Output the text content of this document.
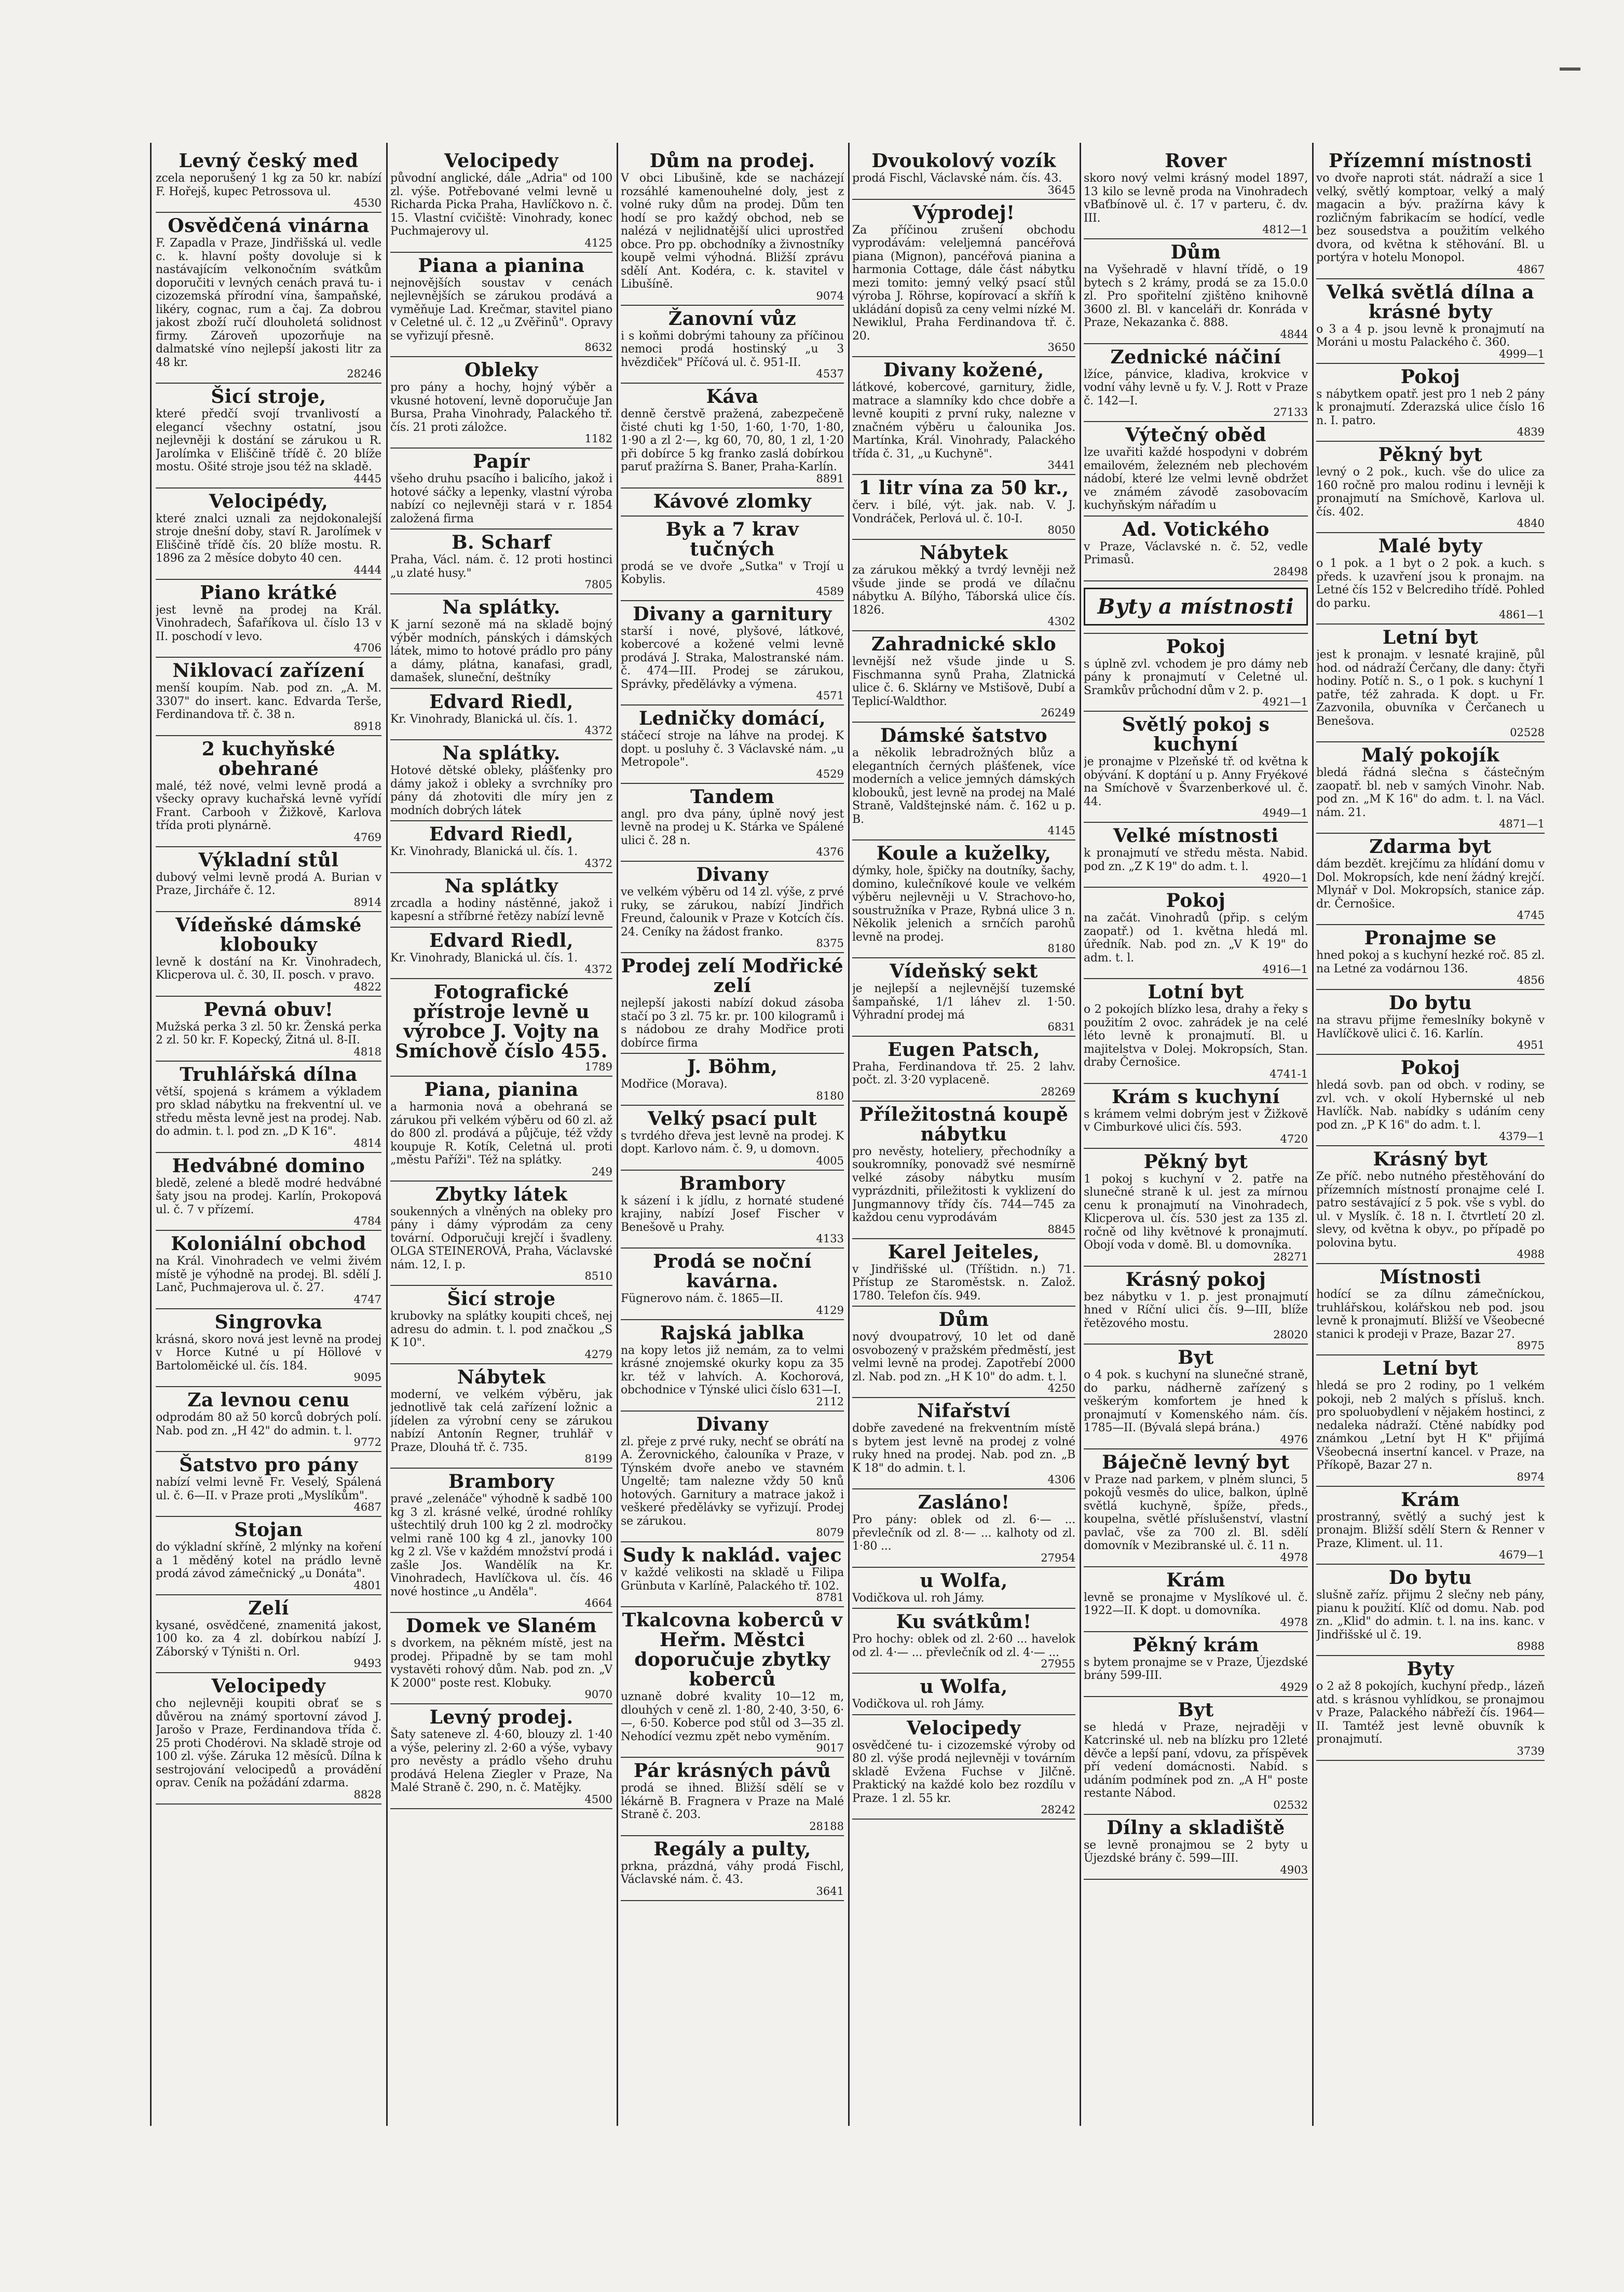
Levný český med
zcela neporušený 1 kg za 50 kr. nabízí F. Hořejš, kupec Petrossova ul.
4530
Osvědčená vinárna
F. Zapadla v Praze, Jindřišská ul. vedle c. k. hlavní pošty dovoluje si k nastávajícím velkonočním svátkům doporučiti v levných cenách pravá tu- i cizozemská přírodní vína, šampaňské, likéry, cognac, rum a čaj. Za dobrou jakost zboží ručí dlouholetá solidnost firmy. Zároveň upozorňuje na dalmatské víno nejlepší jakosti litr za 48 kr.
28246
Šicí stroje,
které předčí svojí trvanlivostí a elegancí všechny ostatní, jsou nejlevněji k dostání se zárukou u R. Jarolímka v Eliščině třídě č. 20 blíže mostu. Ošité stroje jsou též na skladě.
4445
Velocipédy,
které znalci uznali za nejdokonalejší stroje dnešní doby, staví R. Jarolímek v Eliščině třídě čís. 20 blíže mostu. R. 1896 za 2 měsíce dobyto 40 cen.
4444
Piano krátké
jest levně na prodej na Král. Vinohradech, Šafaříkova ul. číslo 13 v II. poschodí v levo.
4706
Niklovací zařízení
menší koupím. Nab. pod zn. „A. M. 3307" do insert. kanc. Edvarda Terše, Ferdinandova tř. č. 38 n.
8918
2 kuchyňské obehrané
malé, též nové, velmi levně prodá a všecky opravy kuchařská levně vyřídí Frant. Carbooh v Žižkově, Karlova třída proti plynárně.
4769
Výkladní stůl
dubový velmi levně prodá A. Burian v Praze, Jircháře č. 12.
8914
Vídeňské dámské klobouky
levně k dostání na Kr. Vinohradech, Klicperova ul. č. 30, II. posch. v pravo.
4822
Pevná obuv!
Mužská perka 3 zl. 50 kr. Ženská perka 2 zl. 50 kr. F. Kopecký, Žitná ul. 8-II.
4818
Truhlářská dílna
větší, spojená s krámem a výkladem pro sklad nábytku na frekventní ul. ve středu města levně jest na prodej. Nab. do admin. t. l. pod zn. „D K 16".
4814
Hedvábné domino
bledě, zelené a bledě modré hedvábné šaty jsou na prodej. Karlín, Prokopová ul. č. 7 v přízemí.
4784
Koloniální obchod
na Král. Vinohradech ve velmi živém místě je výhodně na prodej. Bl. sdělí J. Lanč, Puchmajerova ul. č. 27.
4747
Singrovka
krásná, skoro nová jest levně na prodej v Horce Kutné u pí Höllové v Bartoloměické ul. čís. 184.
9095
Za levnou cenu
odprodám 80 až 50 korců dobrých polí. Nab. pod zn. „H 42" do admin. t. l.
9772
Šatstvo pro pány
nabízí velmi levně Fr. Veselý, Spálená ul. č. 6—II. v Praze proti „Myslíkům".
4687
Stojan
do výkladní skříně, 2 mlýnky na koření a 1 měděný kotel na prádlo levně prodá závod zámečnický „u Donáta".
4801
Zelí
kysané, osvědčené, znamenitá jakost, 100 ko. za 4 zl. dobírkou nabízí J. Záborský v Týništi n. Orl.
9493
Velocipedy
cho nejlevněji koupiti obrať se s důvěrou na známý sportovní závod J. Jarošo v Praze, Ferdinandova třída č. 25 proti Chodérovi. Na skladě stroje od 100 zl. výše. Záruka 12 měsíců. Dílna k sestrojování velocipedů a provádění oprav. Ceník na požádání zdarma.
8828
Velocipedy
původní anglické, dále „Adria" od 100 zl. výše. Potřebované velmi levně u Richarda Picka Praha, Havlíčkovo n. č. 15. Vlastní cvičiště: Vinohrady, konec Puchmajerovy ul.
4125
Piana a pianina
nejnovějších soustav v cenách nejlevnějších se zárukou prodává a vyměňuje Lad. Krečmar, stavitel piano v Celetné ul. č. 12 „u Zvěřinů". Opravy se vyřizují přesně.
8632
Obleky
pro pány a hochy, hojný výběr a vkusné hotovení, levně doporučuje Jan Bursa, Praha Vinohrady, Palackého tř. čís. 21 proti záložce.
1182
Papír
všeho druhu psacího i balicího, jakož i hotové sáčky a lepenky, vlastní výroba nabízí co nejlevněji stará v r. 1854 založená firma
B. Scharf
Praha, Václ. nám. č. 12 proti hostinci „u zlaté husy."
7805
Na splátky.
K jarní sezoně má na skladě bojný výběr modních, pánských i dámských látek, mimo to hotové prádlo pro pány a dámy, plátna, kanafasi, gradl, damašek, sluneční, deštníky
Edvard Riedl,
Kr. Vinohrady, Blanická ul. čís. 1.
4372
Na splátky.
Hotové dětské obleky, plášťenky pro dámy jakož i obleky a svrchníky pro pány dá zhotoviti dle míry jen z modních dobrých látek
Edvard Riedl,
Kr. Vinohrady, Blanická ul. čís. 1.
4372
Na splátky
zrcadla a hodiny nástěnné, jakož i kapesní a stříbrné řetězy nabízí levně
Edvard Riedl,
Kr. Vinohrady, Blanická ul. čís. 1.
4372
Fotografické přístroje levně u výrobce J. Vojty na Smíchově číslo 455.
1789
Piana, pianina
a harmonia nová a obehraná se zárukou při velkém výběru od 60 zl. až do 800 zl. prodává a půjčuje, též vždy koupuje R. Kotík, Celetná ul. proti „městu Paříži". Též na splátky.
249
Zbytky látek
soukenných a vlněných na obleky pro pány i dámy výprodám za ceny tovární. Odporučuji krejčí i švadleny. OLGA STEINEROVÁ, Praha, Václavské nám. 12, I. p.
8510
Šicí stroje
krubovky na splátky koupiti chceš, nej adresu do admin. t. l. pod značkou „S K 10".
4279
Nábytek
moderní, ve velkém výběru, jak jednotlivě tak celá zařízení ložnic a jídelen za výrobní ceny se zárukou nabízí Antonín Regner, truhlář v Praze, Dlouhá tř. č. 735.
8199
Brambory
pravé „zelenáče" výhodně k sadbě 100 kg 3 zl. krásné velké, úrodné rohlíky uštechtilý druh 100 kg 2 zl. modročky velmi raně 100 kg 4 zl., janovky 100 kg 2 zl. Vše v každém množství prodá i zašle Jos. Wandělík na Kr. Vinohradech, Havlíčkova ul. čís. 46 nové hostince „u Anděla".
4664
Domek ve Slaném
s dvorkem, na pěkném místě, jest na prodej. Připadně by se tam mohl vystavěti rohový dům. Nab. pod zn. „V K 2000" poste rest. Klobuky.
9070
Levný prodej.
Šaty sateneve zl. 4·60, blouzy zl. 1·40 a výše, peleriny zl. 2·60 a výše, vybavy pro nevěsty a prádlo všeho druhu prodává Helena Ziegler v Praze, Na Malé Straně č. 290, n. č. Matějky.
4500
Dům na prodej.
V obci Libušině, kde se nacházejí rozsáhlé kamenouhelné doly, jest z volné ruky dům na prodej. Dům ten hodí se pro každý obchod, neb se nalézá v nejlidnatější ulici uprostřed obce. Pro pp. obchodníky a živnostníky koupě velmi výhodná. Bližší zprávu sdělí Ant. Kodéra, c. k. stavitel v Libušíně.
9074
Žanovní vůz
i s koňmi dobrými tahouny za příčinou nemoci prodá hostinský „u 3 hvězdiček" Příčová ul. č. 951-II.
4537
Káva
denně čerstvě pražená, zabezpečeně čisté chuti kg 1·50, 1·60, 1·70, 1·80, 1·90 a zl 2·—, kg 60, 70, 80, 1 zl, 1·20 při dobírce 5 kg franko zaslá dobírkou paruť pražírna S. Baner, Praha-Karlín.
8891
Kávové zlomky
Byk a 7 krav tučných
prodá se ve dvoře „Sutka" v Trojí u Kobylis.
4589
Divany a garnitury
starší i nové, plyšové, látkové, kobercové a kožené velmi levně prodává J. Straka, Malostranské nám. č. 474—III. Prodej se zárukou, Správky, předělávky a výmena.
4571
Ledničky domácí,
stáčecí stroje na láhve na prodej. K dopt. u posluhy č. 3 Václavské nám. „u Metropole".
4529
Tandem
angl. pro dva pány, úplně nový jest levně na prodej u K. Stárka ve Spálené ulici č. 28 n.
4376
Divany
ve velkém výběru od 14 zl. výše, z prvé ruky, se zárukou, nabízí Jindřich Freund, čalounik v Praze v Kotcích čís. 24. Ceníky na žádost franko.
8375
Prodej zelí Modřické zelí
nejlepší jakosti nabízí dokud zásoba stačí po 3 zl. 75 kr. pr. 100 kilogramů i s nádobou ze drahy Modřice proti dobírce firma
J. Böhm,
Modřice (Morava).
8180
Velký psací pult
s tvrdého dřeva jest levně na prodej. K dopt. Karlovo nám. č. 9, u domovn.
4005
Brambory
k sázení i k jídlu, z hornaté studené krajiny, nabízí Josef Fischer v Benešově u Prahy.
4133
Prodá se noční kavárna.
Fügnerovo nám. č. 1865—II.
4129
Rajská jablka
na kopy letos již nemám, za to velmi krásné znojemské okurky kopu za 35 kr. též v lahvích. A. Kochorová, obchodnice v Týnské ulici číslo 631—I.
2112
Divany
zl. přeje z prvé ruky, nechť se obrátí na A. Žerovnického, čalouníka v Praze, v Týnském dvoře anebo ve stavném Ungeltě; tam nalezne vždy 50 knů hotových. Garnitury a matrace jakož i veškeré předělávky se vyřizují. Prodej se zárukou.
8079
Sudy k naklád. vajec
v každé velikosti na skladě u Filipa Grünbuta v Karlíně, Palackého tř. 102.
8781
Tkalcovna koberců v Heřm. Městci doporučuje zbytky koberců
uznaně dobré kvality 10—12 m, dlouhých v ceně zl. 1·80, 2·40, 3·50, 6·—, 6·50. Koberce pod stůl od 3—35 zl. Nehodící vezmu zpět nebo vyměním.
9017
Pár krásných pávů
prodá se ihned. Bližší sdělí se v lékárně B. Fragnera v Praze na Malé Straně č. 203.
28188
Regály a pulty,
prkna, prázdná, váhy prodá Fischl, Václavské nám. č. 43.
3641
Dvoukolový vozík
prodá Fischl, Václavské nám. čís. 43.
3645
Výprodej!
Za příčinou zrušení obchodu vyprodávám: veleljemná pancéřová piana (Mignon), pancéřová pianina a harmonia Cottage, dále část nábytku mezi tomito: jemný velký psací stůl výroba J. Röhrse, kopírovací a skříň k ukládání dopisů za ceny velmi nízké M. Newiklul, Praha Ferdinandova tř. č. 20.
3650
Divany kožené,
látkové, kobercové, garnitury, židle, matrace a slamníky kdo chce dobře a levně koupiti z první ruky, nalezne v značném výběru u čalounika Jos. Martínka, Král. Vinohrady, Palackého třída č. 31, „u Kuchyně".
3441
1 litr vína za 50 kr.,
červ. i bílé, výt. jak. nab. V. J. Vondráček, Perlová ul. č. 10-I.
8050
Nábytek
za zárukou měkký a tvrdý levněji než všude jinde se prodá ve dílačnu nábytku A. Bílýho, Táborská ulice čís. 1826.
4302
Zahradnické sklo
levnější než všude jinde u S. Fischmanna synů Praha, Zlatnická ulice č. 6. Sklárny ve Mstišově, Dubí a Teplicí-Waldthor.
26249
Dámské šatstvo
a několik lebradrožných blůz a elegantních černých plášťenek, více moderních a velice jemných dámských klobouků, jest levně na prodej na Malé Straně, Valdštejnské nám. č. 162 u p. B.
4145
Koule a kuželky,
dýmky, hole, špičky na doutníky, šachy, domino, kulečníkové koule ve velkém výběru nejlevněji u V. Strachovo-ho, soustružníka v Praze, Rybná ulice 3 n. Několik jelenich a srnčích parohů levně na prodej.
8180
Vídeňský sekt
je nejlepší a nejlevnější tuzemské šampaňské, 1/1 láhev zl. 1·50. Výhradní prodej má
6831
Eugen Patsch,
Praha, Ferdinandova tř. 25. 2 lahv. počt. zl. 3·20 vyplaceně.
28269
Příležitostná koupě nábytku
pro nevěsty, hoteliery, přechodníky a soukromníky, ponovadž své nesmírně velké zásoby nábytku musím vyprázdniti, přiležitosti k vyklizení do Jungmannovy třídy čís. 744—745 za každou cenu vyprodávám
8845
Karel Jeiteles,
v Jindřišské ul. (Tříštidn. n.) 71. Přístup ze Staroměstsk. n. Založ. 1780. Telefon čís. 949.
Dům
nový dvoupatrový, 10 let od daně osvobozený v pražském předměstí, jest velmi levně na prodej. Zapotřebí 2000 zl. Nab. pod zn. „H K 10" do adm. t. l.
4250
Nifařství
dobře zavedené na frekventním místě s bytem jest levně na prodej z volné ruky hned na prodej. Nab. pod zn. „B K 18" do admin. t. l.
4306
Zasláno!
Pro pány: oblek od zl. 6·— ... převlečník od zl. 8·— ... kalhoty od zl. 1·80 ...
27954
u Wolfa,
Vodičkova ul. roh Jámy.
Ku svátkům!
Pro hochy: oblek od zl. 2·60 ... havelok od zl. 4·— ... převlečník od zl. 4·— ...
27955
u Wolfa,
Vodičkova ul. roh Jámy.
Velocipedy
osvědčené tu- i cizozemské výroby od 80 zl. výše prodá nejlevněji v továrním skladě Evžena Fuchse v Jilčně. Praktický na každé kolo bez rozdílu v Praze. 1 zl. 55 kr.
28242
Rover
skoro nový velmi krásný model 1897, 13 kilo se levně proda na Vinohradech vBaťbínově ul. č. 17 v parteru, č. dv. III.
4812—1
Dům
na Vyšehradě v hlavní třídě, o 19 bytech s 2 krámy, prodá se za 15.0.0 zl. Pro spořitelní zjištěno knihovně 3600 zl. Bl. v kanceláři dr. Konráda v Praze, Nekazanka č. 888.
4844
Zednické náčiní
lžíce, pánvice, kladiva, krokvice v vodní váhy levně u fy. V. J. Rott v Praze č. 142—I.
27133
Výtečný oběd
lze uvařiti každé hospodyni v dobrém emailovém, železném neb plechovém nádobí, které lze velmi levně obdržet ve známém závodě zasobovacím kuchyňským nářadím u
Ad. Votického
v Praze, Václavské n. č. 52, vedle Primasů.
28498
Byty a místnosti
Pokoj
s úplně zvl. vchodem je pro dámy neb pány k pronajmutí v Celetné ul. Sramkův průchodní dům v 2. p.
4921—1
Světlý pokoj s kuchyní
je pronajme v Plzeňské tř. od května k obývání. K doptání u p. Anny Fryékové na Smíchově v Švarzenberkové ul. č. 44.
4949—1
Velké místnosti
k pronajmutí ve středu města. Nabid. pod zn. „Z K 19" do adm. t. l.
4920—1
Pokoj
na začát. Vinohradů (přip. s celým zaopatř.) od 1. května hledá ml. úředník. Nab. pod zn. „V K 19" do adm. t. l.
4916—1
Lotní byt
o 2 pokojích blízko lesa, drahy a řeky s použitím 2 ovoc. zahrádek je na celé léto levně k pronajmutí. Bl. u majitelstva v Dolej. Mokropsích, Stan. draby Černošice.
4741-1
Krám s kuchyní
s krámem velmi dobrým jest v Žižkově v Cimburkové ulici čís. 593.
4720
Pěkný byt
1 pokoj s kuchyní v 2. patře na slunečné straně k ul. jest za mírnou cenu k pronajmutí na Vinohradech, Klicperova ul. čís. 530 jest za 135 zl. ročně od lihy květnové k pronajmutí. Obojí voda v domě. Bl. u domovníka.
28271
Krásný pokoj
bez nábytku v 1. p. jest pronajmutí hned v Ríční ulici čís. 9—III, blíže řetězového mostu.
28020
Byt
o 4 pok. s kuchyní na slunečné straně, do parku, nádherně zařízený s veškerým komfortem je hned k pronajmutí v Komenského nám. čís. 1785—II. (Bývalá slepá brána.)
4976
Báječně levný byt
v Praze nad parkem, v plném slunci, 5 pokojů vesměs do ulice, balkon, úplně světlá kuchyně, špíže, předs., koupelna, světlé příslušenství, vlastní pavlač, vše za 700 zl. Bl. sdělí domovník v Mezibranské ul. č. 11 n.
4978
Krám
levně se pronajme v Myslíkové ul. č. 1922—II. K dopt. u domovníka.
4978
Pěkný krám
s bytem pronajme se v Praze, Újezdské brány 599-III.
4929
Byt
se hledá v Praze, nejraději v Katcrinské ul. neb na blízku pro 12leté děvče a lepší paní, vdovu, za příspěvek pří vedení domácnosti. Nabíd. s udáním podmínek pod zn. „A H" poste restante Nábod.
02532
Dílny a skladiště
se levně pronajmou se 2 byty u Újezdské brány č. 599—III.
4903
Přízemní místnosti
vo dvoře naproti stát. nádraží a sice 1 velký, světlý komptoar, velký a malý magacin a býv. pražírna kávy k rozličným fabrikacím se hodící, vedle bez sousedstva a použitím velkého dvora, od května k stěhování. Bl. u portýra v hotelu Monopol.
4867
Velká světlá dílna a krásné byty
o 3 a 4 p. jsou levně k pronajmutí na Moráni u mostu Palackého č. 360.
4999—1
Pokoj
s nábytkem opatř. jest pro 1 neb 2 pány k pronajmutí. Zderazská ulice číslo 16 n. I. patro.
4839
Pěkný byt
levný o 2 pok., kuch. vše do ulice za 160 ročně pro malou rodinu i levněji k pronajmutí na Smíchově, Karlova ul. čís. 402.
4840
Malé byty
o 1 pok. a 1 byt o 2 pok. a kuch. s předs. k uzavření jsou k pronajm. na Letné čís 152 v Belcrediho třídě. Pohled do parku.
4861—1
Letní byt
jest k pronajm. v lesnaté krajině, půl hod. od nádraží Čerčany, dle dany: čtyři hodiny. Potíč n. S., o 1 pok. s kuchyní 1 patře, též zahrada. K dopt. u Fr. Zazvonila, obuvníka v Čerčanech u Benešova.
02528
Malý pokojík
bledá řádná slečna s částečným zaopatř. bl. neb v samých Vinohr. Nab. pod zn. „M K 16" do adm. t. l. na Václ. nám. 21.
4871—1
Zdarma byt
dám bezdět. krejčímu za hlídání domu v Dol. Mokropsích, kde není žádný krejčí. Mlynář v Dol. Mokropsích, stanice záp. dr. Černošice.
4745
Pronajme se
hned pokoj a s kuchyní hezké roč. 85 zl. na Letné za vodárnou 136.
4856
Do bytu
na stravu přijme řemeslníky bokyně v Havlíčkově ulici č. 16. Karlín.
4951
Pokoj
hledá sovb. pan od obch. v rodiny, se zvl. vch. v okolí Hybernské ul neb Havlíčk. Nab. nabídky s udáním ceny pod zn. „P K 16" do adm. t. l.
4379—1
Krásný byt
Ze příč. nebo nutného přestěhování do přízemních místností pronajme celé I. patro sestávající z 5 pok. vše s vybl. do ul. v Myslík. č. 18 n. I. čtvrtletí 20 zl. slevy, od května k obyv., po případě po polovina bytu.
4988
Místnosti
hodící se za dílnu zámečníckou, truhlářskou, kolářskou neb pod. jsou levně k pronajmutí. Bližší ve Všeobecné stanici k prodeji v Praze, Bazar 27.
8975
Letní byt
hledá se pro 2 rodiny, po 1 velkém pokoji, neb 2 malých s přísluš. knch. pro spoluobydlení v nějakém hostinci, z nedaleka nádraží. Ctěné nabídky pod známkou „Letní byt H K" přijímá Všeobecná insertní kancel. v Praze, na Příkopě, Bazar 27 n.
8974
Krám
prostranný, světlý a suchý jest k pronajm. Bližší sdělí Stern & Renner v Praze, Kliment. ul. 11.
4679—1
Do bytu
slušně zaříz. přijmu 2 slečny neb pány, pianu k použití. Klíč od domu. Nab. pod zn. „Klid" do admin. t. l. na ins. kanc. v Jindřišské ul č. 19.
8988
Byty
o 2 až 8 pokojích, kuchyní předp., lázeň atd. s krásnou vyhlídkou, se pronajmou v Praze, Palackého nábřeží čís. 1964—II. Tamtéž jest levně obuvník k pronajmutí.
3739
